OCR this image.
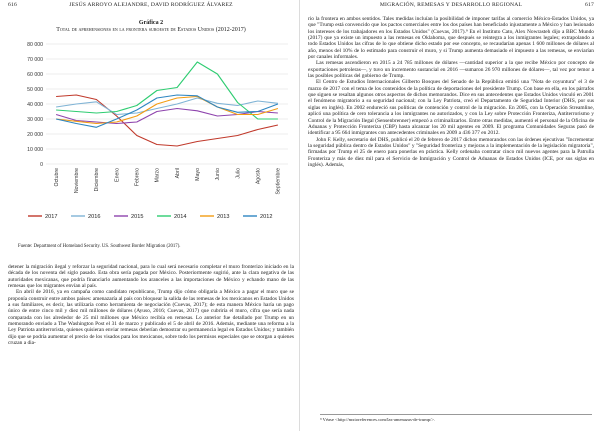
616	JESÚS ARROYO ALEJANDRE, DAVID RODRÍGUEZ ÁLVAREZ
Gráfica 2
Total de aprehensiones en la frontera suroeste de Estados Unidos (2012-2017)
0
10 000
20 000
30 000
40 000
50 000
60 000
70 000
80 000
Octubre	Noviembre	Diciembre	Enero	Febrero	Marzo	Abril	Mayo	Junio	Julio	Agosto	Septiembre
2017	2016	2015	2014	2013	2012
Fuente: Department of Homeland Security. US. Southwest Border Migration (2017).

detener la migración ilegal y reforzar la seguridad nacional, para lo cual será necesario completar el muro fronterizo iniciado en la década de los noventa del siglo pasado. Esta obra sería pagada por México. Posteriormente sugirió, ante la clara negativa de las autoridades mexicanas, que podría financiarlo aumentando los aranceles a las importaciones de México y echando mano de las remesas que los migrantes envían al país.

En abril de 2016, ya en campaña como candidato republicano, Trump dijo cómo obligaría a México a pagar el muro que se proponía construir entre ambos países: amenazaría al país con bloquear la salida de las remesas de los mexicanos en Estados Unidos a sus familiares, es decir, las utilizaría como herramienta de negociación (Cuevas, 2017); de esta manera México haría un pago único de entre cinco mil y diez mil millones de dólares (Ayuso, 2016; Cuevas, 2017) que cubriría el muro, cifra que sería nada comparada con los alrededor de 25 mil millones que México recibía en remesas. Lo anterior fue detallado por Trump en un memorando enviado a The Washington Post el 31 de marzo y publicado el 5 de abril de 2016. Además, mediante una reforma a la Ley Patriota antiterrorista, quienes quisieran enviar remesas deberían demostrar su permanencia legal en Estados Unidos; y también dijo que se podría aumentar el precio de los visados para los mexicanos, sobre todo los permisos especiales que se otorgan a quienes cruzan a dia-

MIGRACIÓN, REMESAS Y DESARROLLO REGIONAL	617

rio la frontera en ambos sentidos. Tales medidas incluían la posibilidad de imponer tarifas al comercio México-Estados Unidos, ya que "Trump está convencido que los pactos comerciales entre los dos países han beneficiado injustamente a México y han lesionado los intereses de los trabajadores en los Estados Unidos" (Cuevas, 2017).⁹ En el Instituto Cato, Alex Nowrasteh dijo a BBC Mundo (2017) que ya existe un impuesto a las remesas en Oklahoma, que después se reintegra a los inmigrantes legales; extrapolando a todo Estados Unidos las cifras de lo que obtiene dicho estado por ese concepto, se recaudarían apenas 1 600 millones de dólares al año, menos del 10% de lo estimado para construir el muro, y si Trump aumenta demasiado el impuesto a las remesas, se enviarían por canales informales.

Las remesas ascendieron en 2015 a 24 785 millones de dólares —cantidad superior a la que recibe México por concepto de exportaciones petroleras—, y tuvo un incremento sustancial en 2016 —sumaron 26 970 millones de dólares—, tal vez por temor a las posibles políticas del gobierno de Trump.

El Centro de Estudios Internacionales Gilberto Bosques del Senado de la República emitió una "Nota de coyuntura" el 3 de marzo de 2017 con el tema de los contenidos de la política de deportaciones del presidente Trump. Con base en ella, en los párrafos que siguen se resaltan algunos otros aspectos de dichos memorandos. Dice en sus antecedentes que Estados Unidos vinculó en 2001 el fenómeno migratorio a su seguridad nacional; con la Ley Patriota, creó el Departamento de Seguridad Interior (DHS, por sus siglas en inglés). En 2002 endureció sus políticas de contención y control de la migración. En 2005, con la Operación Streamline, aplicó una política de cero tolerancia a los inmigrantes no autorizados, y con la Ley sobre Protección Fronteriza, Antiterrorismo y Control de la Migración Ilegal (Sensenbrenner) empezó a criminalizarlos. Entre otras medidas, aumentó el personal de la Oficina de Aduanas y Protección Fronteriza (CBP) hasta alcanzar los 20 mil agentes en 2009. El programa Comunidades Seguras pasó de identificar a 95 664 inmigrantes con antecedentes criminales en 2009 a 436 377 en 2012.

John F. Kelly, secretario del DHS, publicó el 20 de febrero de 2017 dichos memorandos con las órdenes ejecutivas "Incrementar la seguridad pública dentro de Estados Unidos" y "Seguridad fronteriza y mejoras a la implementación de la legislación migratoria", firmadas por Trump el 25 de enero para ponerlas en práctica. Kelly ordenaba contratar cinco mil nuevos agentes para la Patrulla Fronteriza y más de diez mil para el Servicio de Inmigración y Control de Aduanas de Estados Unidos (ICE, por sus siglas en inglés). Además,

⁹ Véase <http://mxtoreferences.com/las-amenazas-de-trump/>.
